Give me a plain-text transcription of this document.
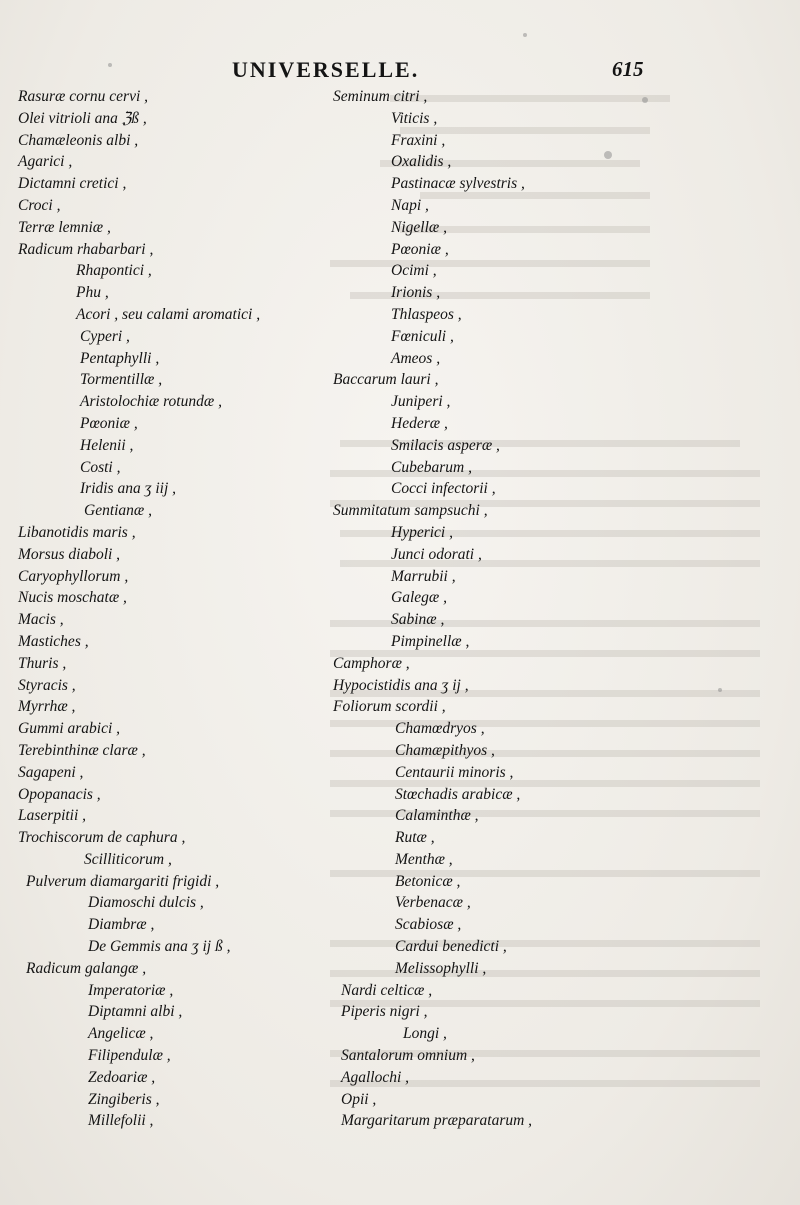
UNIVERSELLE.	615
Rasuræ cornu cervi ,
Olei vitrioli ana ℨß ,
Chamæleonis albi ,
Agarici ,
Dictamni cretici ,
Croci ,
Terræ lemniæ ,
Radicum rhabarbari ,
Rhapontici ,
Phu ,
Acori , seu calami aromatici ,
Cyperi ,
Pentaphylli ,
Tormentillæ ,
Aristolochiæ rotundæ ,
Pœoniæ ,
Helenii ,
Costi ,
Iridis ana ʒ iij ,
Gentianæ ,
Libanotidis maris ,
Morsus diaboli ,
Caryophyllorum ,
Nucis moschatæ ,
Macis ,
Mastiches ,
Thuris ,
Styracis ,
Myrrhæ ,
Gummi arabici ,
Terebinthinæ claræ ,
Sagapeni ,
Opopanacis ,
Laserpitii ,
Trochiscorum de caphura ,
Scilliticorum ,
Pulverum diamargariti frigidi ,
Diamoschi dulcis ,
Diambræ ,
De Gemmis ana ʒ ij ß ,
Radicum galangæ ,
Imperatoriæ ,
Diptamni albi ,
Angelicæ ,
Filipendulæ ,
Zedoariæ ,
Zingiberis ,
Millefolii ,
Seminum citri ,
Viticis ,
Fraxini ,
Oxalidis ,
Pastinacæ sylvestris ,
Napi ,
Nigellæ ,
Pœoniæ ,
Ocimi ,
Irionis ,
Thlaspeos ,
Fœniculi ,
Ameos ,
Baccarum lauri ,
Juniperi ,
Hederæ ,
Smilacis asperæ ,
Cubebarum ,
Cocci infectorii ,
Summitatum sampsuchi ,
Hyperici ,
Junci odorati ,
Marrubii ,
Galegæ ,
Sabinæ ,
Pimpinellæ ,
Camphoræ ,
Hypocistidis ana ʒ ij ,
Foliorum scordii ,
Chamœdryos ,
Chamæpithyos ,
Centaurii minoris ,
Stœchadis arabicæ ,
Calaminthæ ,
Rutæ ,
Menthæ ,
Betonicæ ,
Verbenacæ ,
Scabiosæ ,
Cardui benedicti ,
Melissophylli ,
Nardi celticæ ,
Piperis nigri ,
Longi ,
Santalorum omnium ,
Agallochi ,
Opii ,
Margaritarum præparatarum ,
